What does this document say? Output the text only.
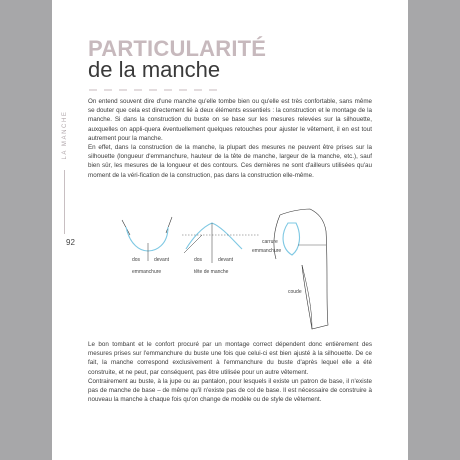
PARTICULARITÉ
de la manche

On entend souvent dire d'une manche qu'elle tombe bien ou qu'elle est très confortable, sans même se douter que cela est directement lié à deux éléments essentiels : la construction et le montage de la manche. Si dans la construction du buste on se base sur les mesures relevées sur la silhouette, auxquelles on appli-quera éventuellement quelques retouches pour ajuster le vêtement, il en est tout autrement pour la manche.

En effet, dans la construction de la manche, la plupart des mesures ne peuvent être prises sur la silhouette (longueur d'emmanchure, hauteur de la tête de manche, largeur de la manche, etc.), sauf bien sûr, les mesures de la longueur et des contours. Ces dernières ne sont d'ailleurs utilisées qu'au moment de la véri-fication de la construction, pas dans la construction elle-même.

LA MANCHE
92
dos	devant
emmanchure
dos	devant
tête de manche
carrure
emmanchure
coude

Le bon tombant et le confort procuré par un montage correct dépendent donc entièrement des mesures prises sur l'emmanchure du buste une fois que celui-ci est bien ajusté à la silhouette. De ce fait, la manche correspond exclusivement à l'emmanchure du buste d'après lequel elle a été construite, et ne peut, par conséquent, pas être utilisée pour un autre vêtement.

Contrairement au buste, à la jupe ou au pantalon, pour lesquels il existe un patron de base, il n'existe pas de manche de base – de même qu'il n'existe pas de col de base. Il est nécessaire de construire à nouveau la manche à chaque fois qu'on change de modèle ou de style de vêtement.
